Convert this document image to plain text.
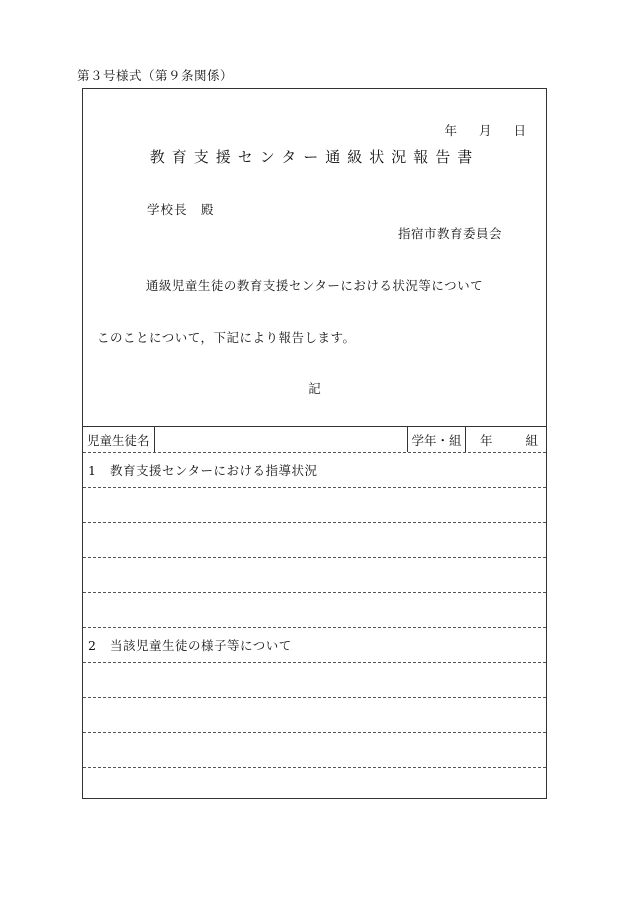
第３号様式（第９条関係）
年 月 日
教育支援センター通級状況報告書
学校長　殿
指宿市教育委員会
通級児童生徒の教育支援センターにおける状況等について
このことについて，下記により報告します。
記
児童生徒名	学年・組	年	組
1	教育支援センターにおける指導状況
2	当該児童生徒の様子等について
